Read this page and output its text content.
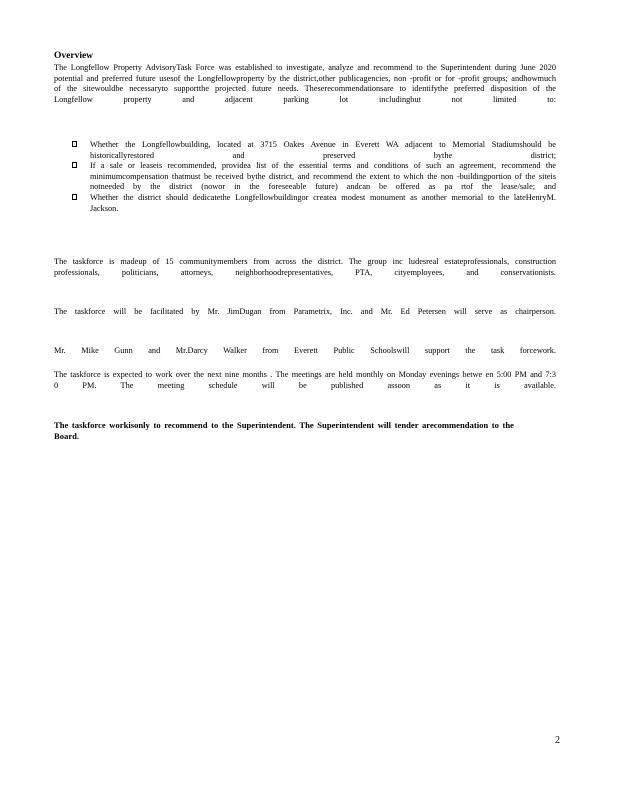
Overview

The Longfellow Property AdvisoryTask Force was established to investigate, analyze and recommend to the Superintendent during June 2020 potential and preferred future usesof the Longfellowproperty by the district,other publicagencies, non -profit or for -profit groups; andhowmuch of the sitewouldbe necessaryto supportthe projected future needs. Theserecommendationsare to identifythe preferred disposition of the Longfellow property and adjacent parking lot includingbut not limited to:

Whether the Longfellowbuilding, located at 3715 Oakes Avenue in Everett WA adjacent to Memorial Stadiumshould be historicallyrestored and preserved bythe district;
If a sale or leaseis recommended, providea list of the essential terms and conditions of such an agreement, recommend the minimumcompensation thatmust be received bythe district, and recommend the extent to which the non -buildingportion of the siteis notneeded by the district (nowor in the foreseeable future) andcan be offered as pa rtof the lease/sale; and
Whether the district should dedicatethe Longfellowbuildingor createa modest monument as another memorial to the lateHenryM. Jackson.

The taskforce is madeup of 15 communitymembers from across the district. The group inc ludesreal estateprofessionals, construction professionals, politicians, attorneys, neighborhoodrepresentatives, PTA, cityemployees, and conservationists.

The taskforce will be facilitated by Mr. JimDugan from Parametrix, Inc. and Mr. Ed Petersen will serve as chairperson.

Mr. Mike Gunn and Mr.Darcy Walker from Everett Public Schoolswill support the task forcework.

The taskforce is expected to work over the next nine months . The meetings are held monthly on Monday evenings betwe en 5:00 PM and 7:3 0 PM. The meeting schedule will be published assoon as it is available.

The taskforce workisonly to recommend to the Superintendent. The Superintendent will tender arecommendation to the Board.

2
